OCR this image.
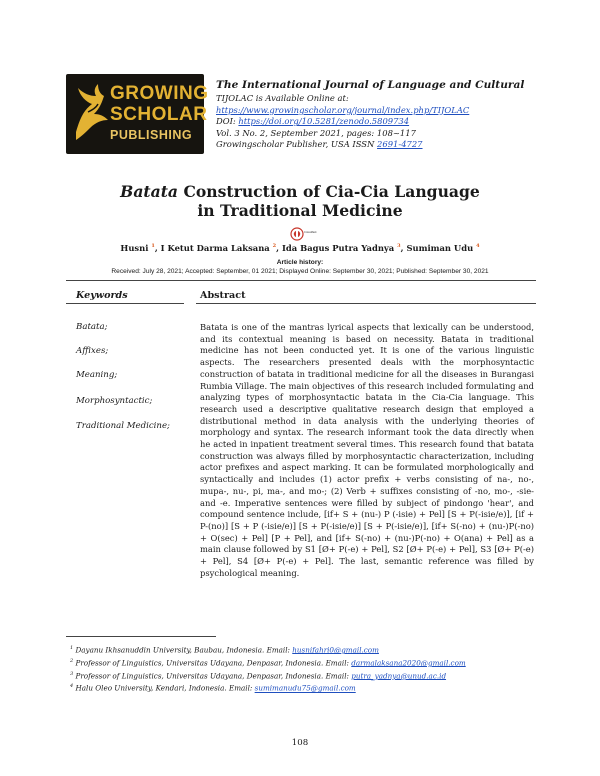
GROWING
SCHOLAR
PUBLISHING
The International Journal of Language and Cultural
TIJOLAC is Available Online at:
https://www.growingscholar.org/journal/index.php/TIJOLAC
DOI: https://doi.org/10.5281/zenodo.5809734
Vol. 3 No. 2, September 2021, pages: 108~117
Growingscholar Publisher, USA ISSN 2691-4727
Batata Construction of Cia-Cia Language
in Traditional Medicine
CrossMark
Husni $^1$, I Ketut Darma Laksana $^2$, Ida Bagus Putra Yadnya $^3$, Sumiman Udu $^4$
Article history:
Received: July 28, 2021; Accepted: September, 01 2021; Displayed Online: September 30, 2021; Published: September 30, 2021
Keywords	Abstract
Batata;
Affixes;
Meaning;
Morphosyntactic;
Traditional Medicine;
Batata is one of the mantras lyrical aspects that lexically can be understood, and its contextual meaning is based on necessity. Batata in traditional medicine has not been conducted yet. It is one of the various linguistic aspects. The researchers presented deals with the morphosyntactic construction of batata in traditional medicine for all the diseases in Burangasi Rumbia Village. The main objectives of this research included formulating and analyzing types of morphosyntactic batata in the Cia-Cia language. This research used a descriptive qualitative research design that employed a distributional method in data analysis with the underlying theories of morphology and syntax. The research informant took the data directly when he acted in inpatient treatment several times. This research found that batata construction was always filled by morphosyntactic characterization, including actor prefixes and aspect marking. It can be formulated morphologically and syntactically and includes (1) actor prefix + verbs consisting of na-, no-, mupa-, nu-, pi, ma-, and mo-; (2) Verb + suffixes consisting of -no, mo-, -sie- and -e. Imperative sentences were filled by subject of pindongo 'hear', and compound sentence include, [if+ S + (nu-) P (-isie) + Pel] [S + P(-isie/e)], [if + P-(no)] [S + P (-isie/e)] [S + P(-isie/e)] [S + P(-isie/e)], [if+ S(-no) + (nu-)P(-no) + O(sec) + Pel] [P + Pel], and [if+ S(-no) + (nu-)P(-no) + O(ana) + Pel] as a main clause followed by S1 [Ø+ P(-e) + Pel], S2 [Ø+ P(-e) + Pel], S3 [Ø+ P(-e) + Pel], S4 [Ø+ P(-e) + Pel]. The last, semantic reference was filled by psychological meaning.
$^1$ Dayanu Ikhsanuddin University, Baubau, Indonesia. Email: husnifahri0@gmail.com
$^2$ Professor of Linguistics, Universitas Udayana, Denpasar, Indonesia. Email: darmalaksana2020@gmail.com
$^3$ Professor of Linguistics, Universitas Udayana, Denpasar, Indonesia. Email: putra_yadnya@unud.ac.id
$^4$ Halu Oleo University, Kendari, Indonesia. Email: sumimanudu75@gmail.com
108
